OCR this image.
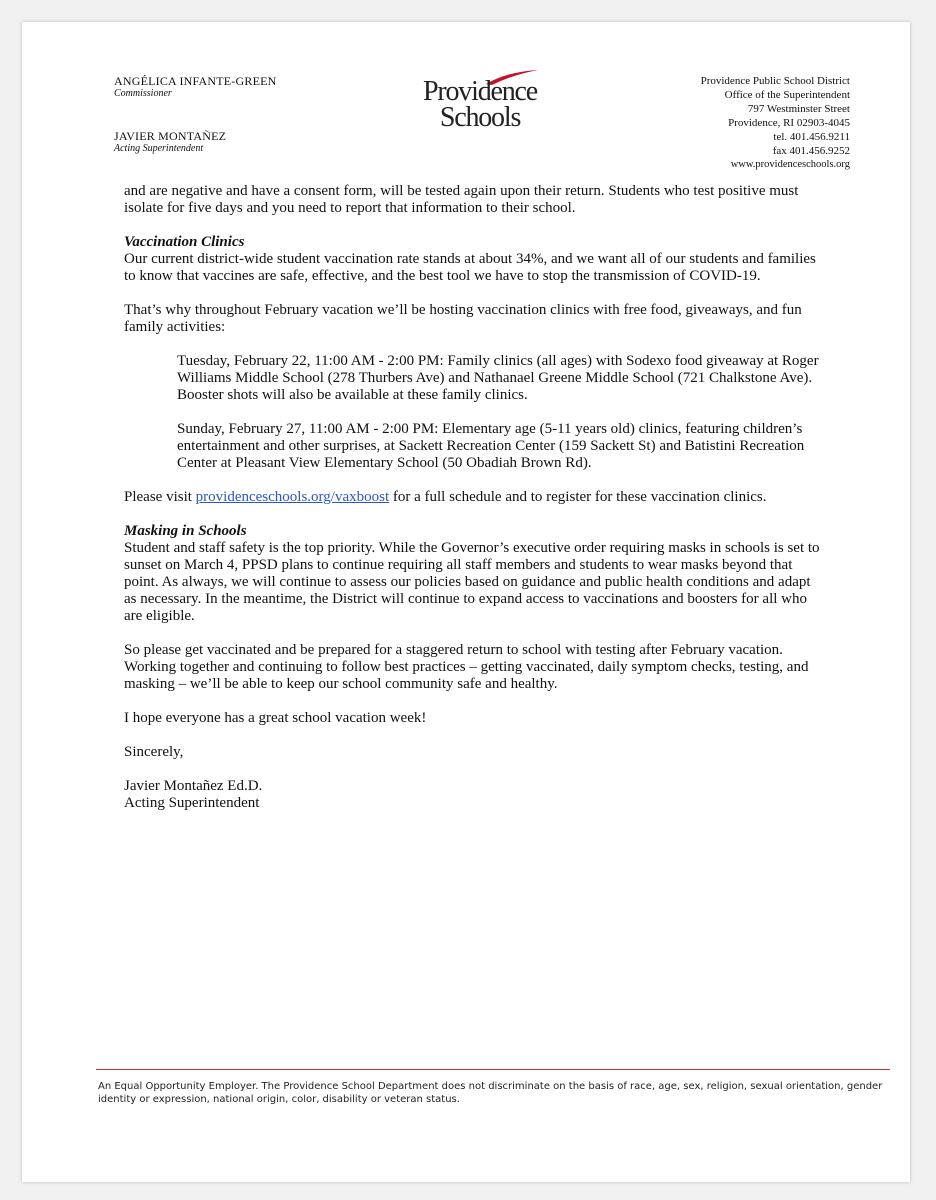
ANGÉLICA INFANTE-GREEN
Commissioner
JAVIER MONTAÑEZ
Acting Superintendent
Providence
Schools
Providence Public School District
Office of the Superintendent
797 Westminster Street
Providence, RI 02903-4045
tel. 401.456.9211
fax 401.456.9252
www.providenceschools.org

and are negative and have a consent form, will be tested again upon their return. Students who test positive must isolate for five days and you need to report that information to their school.

Vaccination Clinics

Our current district-wide student vaccination rate stands at about 34%, and we want all of our students and families to know that vaccines are safe, effective, and the best tool we have to stop the transmission of COVID-19.

That’s why throughout February vacation we’ll be hosting vaccination clinics with free food, giveaways, and fun family activities:

Tuesday, February 22, 11:00 AM - 2:00 PM: Family clinics (all ages) with Sodexo food giveaway at Roger Williams Middle School (278 Thurbers Ave) and Nathanael Greene Middle School (721 Chalkstone Ave). Booster shots will also be available at these family clinics.

Sunday, February 27, 11:00 AM - 2:00 PM: Elementary age (5-11 years old) clinics, featuring children’s entertainment and other surprises, at Sackett Recreation Center (159 Sackett St) and Batistini Recreation Center at Pleasant View Elementary School (50 Obadiah Brown Rd).

Please visit providenceschools.org/vaxboost for a full schedule and to register for these vaccination clinics.

Masking in Schools

Student and staff safety is the top priority. While the Governor’s executive order requiring masks in schools is set to sunset on March 4, PPSD plans to continue requiring all staff members and students to wear masks beyond that point. As always, we will continue to assess our policies based on guidance and public health conditions and adapt as necessary. In the meantime, the District will continue to expand access to vaccinations and boosters for all who are eligible.

So please get vaccinated and be prepared for a staggered return to school with testing after February vacation. Working together and continuing to follow best practices – getting vaccinated, daily symptom checks, testing, and masking – we’ll be able to keep our school community safe and healthy.

I hope everyone has a great school vacation week!

Sincerely,

Javier Montañez Ed.D.

Acting Superintendent

An Equal Opportunity Employer. The Providence School Department does not discriminate on the basis of race, age, sex, religion, sexual orientation, gender identity or expression, national origin, color, disability or veteran status.
